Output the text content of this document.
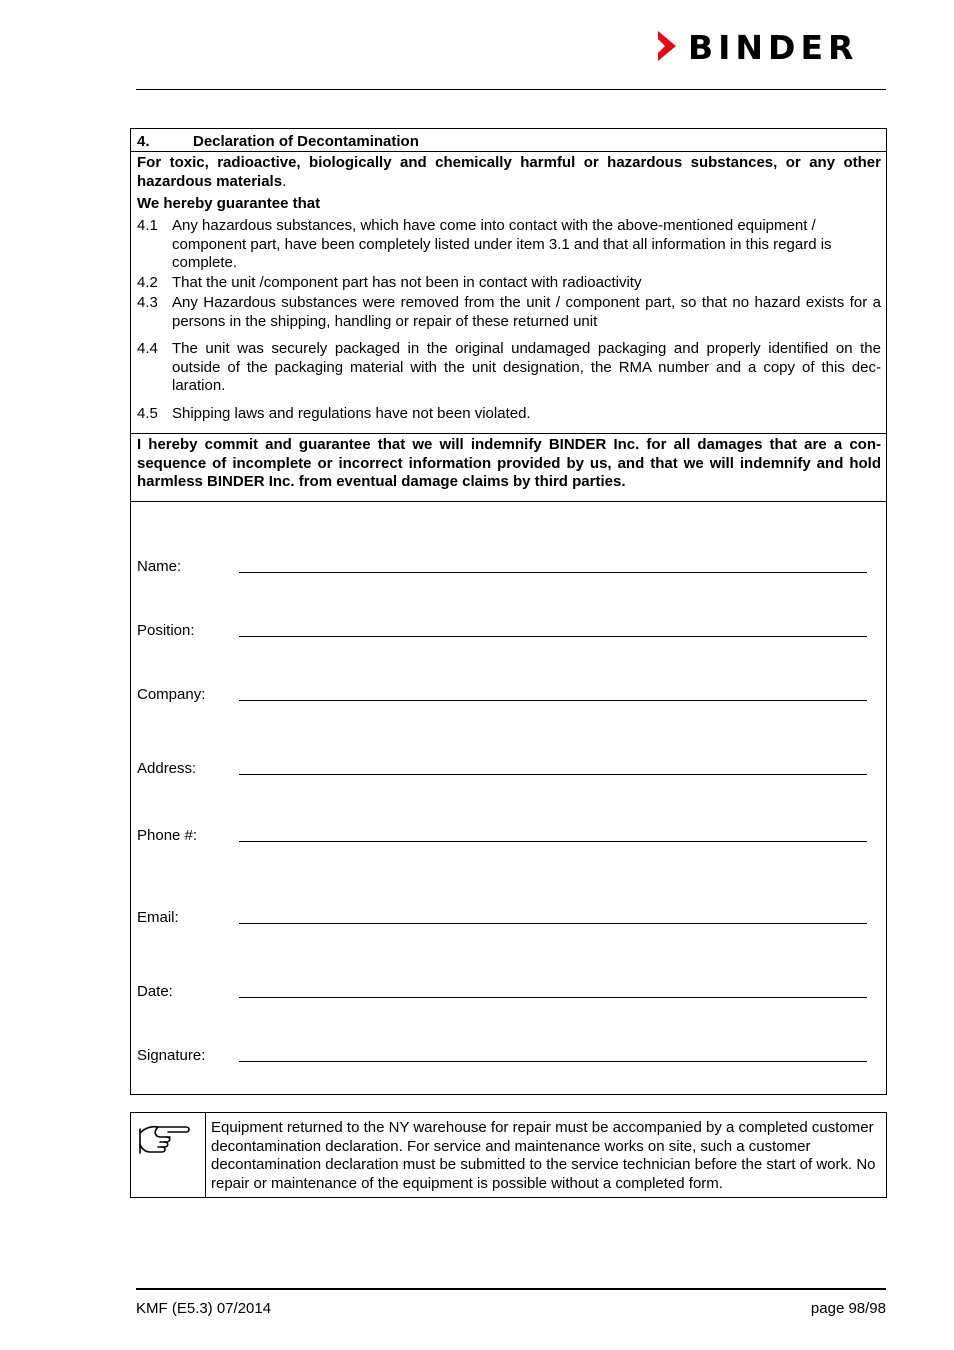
BINDER
4.	Declaration of Decontamination
For toxic, radioactive, biologically and chemically harmful or hazardous substances, or any other hazardous materials.
We hereby guarantee that
4.1 Any hazardous substances, which have come into contact with the above-mentioned equipment / component part, have been completely listed under item 3.1 and that all information in this regard is complete.
4.2 That the unit /component part has not been in contact with radioactivity
4.3 Any Hazardous substances were removed from the unit / component part, so that no hazard exists for a persons in the shipping, handling or repair of these returned unit
4.4 The unit was securely packaged in the original undamaged packaging and properly identified on the outside of the packaging material with the unit designation, the RMA number and a copy of this dec-laration.
4.5 Shipping laws and regulations have not been violated.
I hereby commit and guarantee that we will indemnify BINDER Inc. for all damages that are a con-sequence of incomplete or incorrect information provided by us, and that we will indemnify and hold harmless BINDER Inc. from eventual damage claims by third parties.
Name:
Position:
Company:
Address:
Phone #:
Email:
Date:
Signature:
Equipment returned to the NY warehouse for repair must be accompanied by a completed customer decontamination declaration. For service and maintenance works on site, such a customer decontamination declaration must be submitted to the service technician before the start of work. No repair or maintenance of the equipment is possible without a completed form.
KMF (E5.3) 07/2014	page 98/98
